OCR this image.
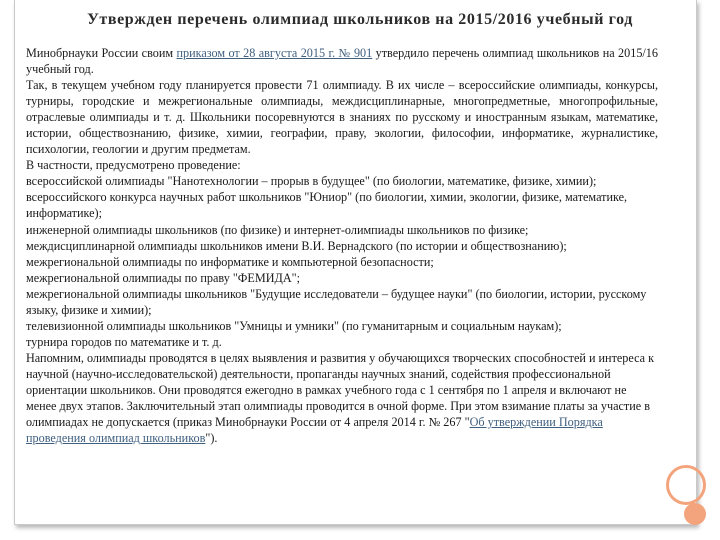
Утвержден перечень олимпиад школьников на 2015/2016 учебный год

Минобрнауки России своим приказом от 28 августа 2015 г. № 901 утвердило перечень олимпиад школьников на 2015/16 учебный год.

Так, в текущем учебном году планируется провести 71 олимпиаду. В их числе – всероссийские олимпиады, конкурсы, турниры, городские и межрегиональные олимпиады, междисциплинарные, многопредметные, многопрофильные, отраслевые олимпиады и т. д. Школьники посоревнуются в знаниях по русскому и иностранным языкам, математике, истории, обществознанию, физике, химии, географии, праву, экологии, философии, информатике, журналистике, психологии, геологии и другим предметам.

В частности, предусмотрено проведение:

всероссийской олимпиады "Нанотехнологии – прорыв в будущее" (по биологии, математике, физике, химии);

всероссийского конкурса научных работ школьников "Юниор" (по биологии, химии, экологии, физике, математике, информатике);

инженерной олимпиады школьников (по физике) и интернет-олимпиады школьников по физике;

междисциплинарной олимпиады школьников имени В.И. Вернадского (по истории и обществознанию);

межрегиональной олимпиады по информатике и компьютерной безопасности;

межрегиональной олимпиады по праву "ФЕМИДА";

межрегиональной олимпиады школьников "Будущие исследователи – будущее науки" (по биологии, истории, русскому языку, физике и химии);

телевизионной олимпиады школьников "Умницы и умники" (по гуманитарным и социальным наукам);

турнира городов по математике и т. д.

Напомним, олимпиады проводятся в целях выявления и развития у обучающихся творческих способностей и интереса к научной (научно-исследовательской) деятельности, пропаганды научных знаний, содействия профессиональной ориентации школьников. Они проводятся ежегодно в рамках учебного года с 1 сентября по 1 апреля и включают не менее двух этапов. Заключительный этап олимпиады проводится в очной форме. При этом взимание платы за участие в олимпиадах не допускается (приказ Минобрнауки России от 4 апреля 2014 г. № 267 "Об утверждении Порядка проведения олимпиад школьников").
